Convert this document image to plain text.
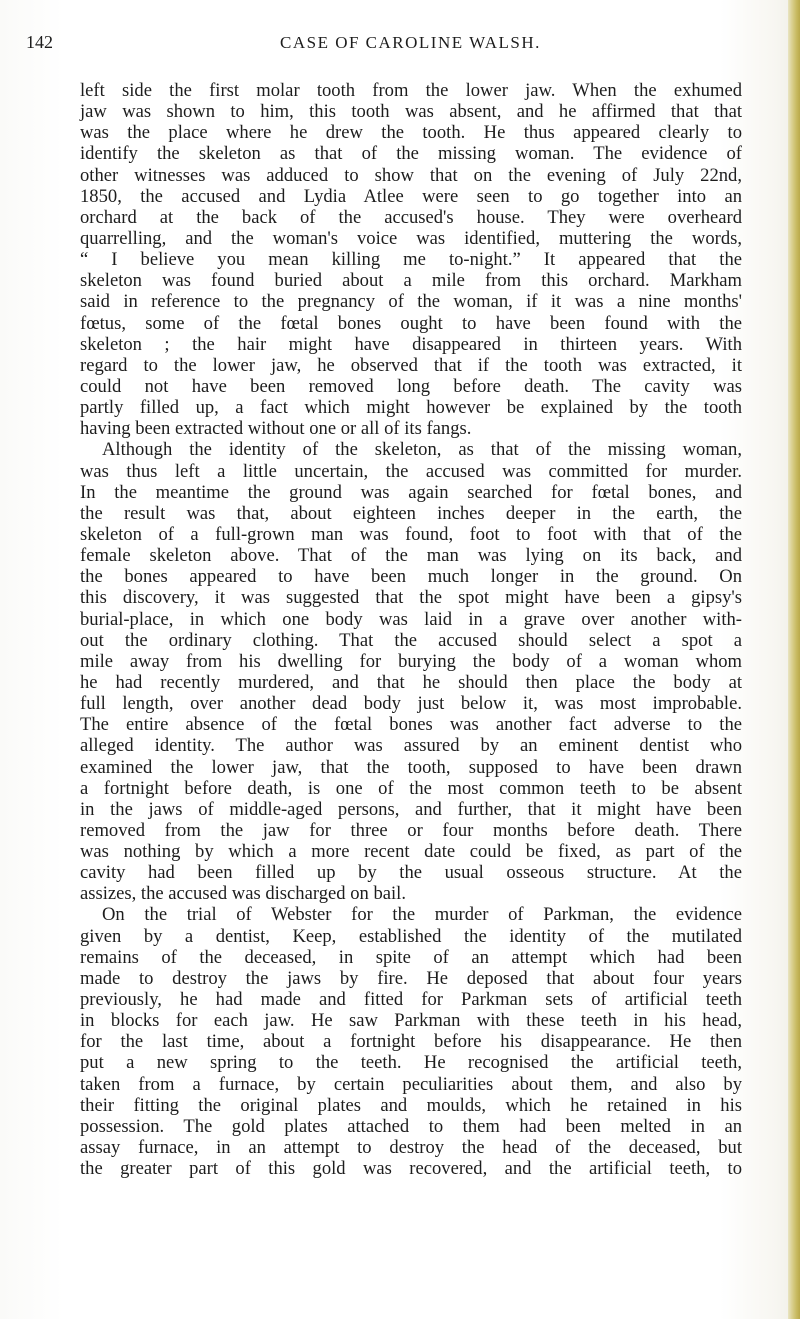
142	CASE OF CAROLINE WALSH.
left side the first molar tooth from the lower jaw. When the exhumed
jaw was shown to him, this tooth was absent, and he affirmed that that
was the place where he drew the tooth. He thus appeared clearly to
identify the skeleton as that of the missing woman. The evidence of
other witnesses was adduced to show that on the evening of July 22nd,
1850, the accused and Lydia Atlee were seen to go together into an
orchard at the back of the accused's house. They were overheard
quarrelling, and the woman's voice was identified, muttering the words,
“ I believe you mean killing me to-night.” It appeared that the
skeleton was found buried about a mile from this orchard. Markham
said in reference to the pregnancy of the woman, if it was a nine months'
fœtus, some of the fœtal bones ought to have been found with the
skeleton ; the hair might have disappeared in thirteen years. With
regard to the lower jaw, he observed that if the tooth was extracted, it
could not have been removed long before death. The cavity was
partly filled up, a fact which might however be explained by the tooth
having been extracted without one or all of its fangs.
Although the identity of the skeleton, as that of the missing woman,
was thus left a little uncertain, the accused was committed for murder.
In the meantime the ground was again searched for fœtal bones, and
the result was that, about eighteen inches deeper in the earth, the
skeleton of a full-grown man was found, foot to foot with that of the
female skeleton above. That of the man was lying on its back, and
the bones appeared to have been much longer in the ground. On
this discovery, it was suggested that the spot might have been a gipsy's
burial-place, in which one body was laid in a grave over another with-
out the ordinary clothing. That the accused should select a spot a
mile away from his dwelling for burying the body of a woman whom
he had recently murdered, and that he should then place the body at
full length, over another dead body just below it, was most improbable.
The entire absence of the fœtal bones was another fact adverse to the
alleged identity. The author was assured by an eminent dentist who
examined the lower jaw, that the tooth, supposed to have been drawn
a fortnight before death, is one of the most common teeth to be absent
in the jaws of middle-aged persons, and further, that it might have been
removed from the jaw for three or four months before death. There
was nothing by which a more recent date could be fixed, as part of the
cavity had been filled up by the usual osseous structure. At the
assizes, the accused was discharged on bail.
On the trial of Webster for the murder of Parkman, the evidence
given by a dentist, Keep, established the identity of the mutilated
remains of the deceased, in spite of an attempt which had been
made to destroy the jaws by fire. He deposed that about four years
previously, he had made and fitted for Parkman sets of artificial teeth
in blocks for each jaw. He saw Parkman with these teeth in his head,
for the last time, about a fortnight before his disappearance. He then
put a new spring to the teeth. He recognised the artificial teeth,
taken from a furnace, by certain peculiarities about them, and also by
their fitting the original plates and moulds, which he retained in his
possession. The gold plates attached to them had been melted in an
assay furnace, in an attempt to destroy the head of the deceased, but
the greater part of this gold was recovered, and the artificial teeth, to
